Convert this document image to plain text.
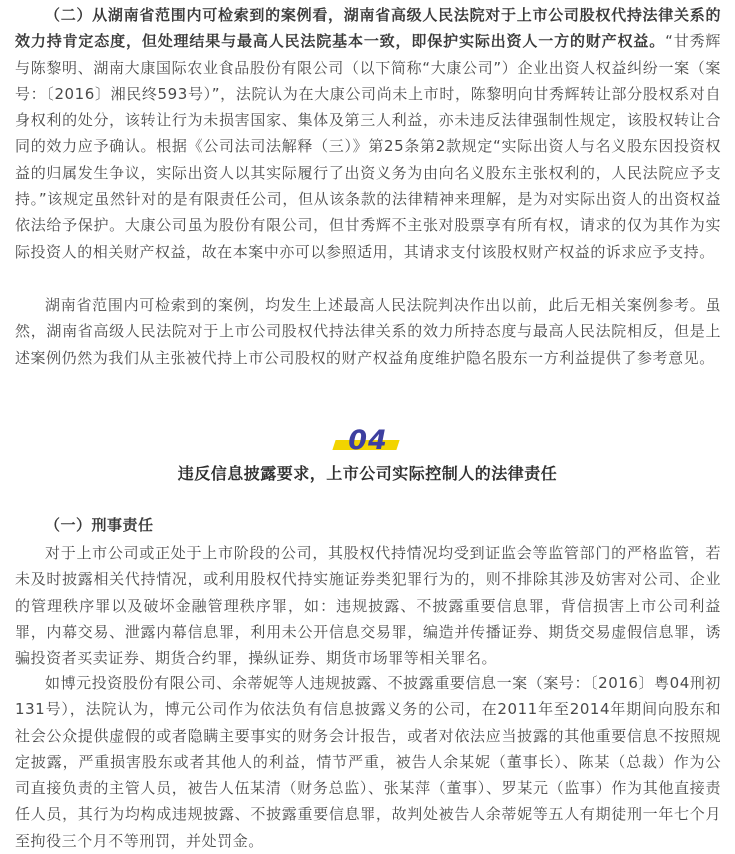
（二）从湖南省范围内可检索到的案例看，湖南省高级人民法院对于上市公司股权代持法律关系的效力持肯定态度，但处理结果与最高人民法院基本一致，即保护实际出资人一方的财产权益。“甘秀辉与陈黎明、湖南大康国际农业食品股份有限公司（以下简称“大康公司”）企业出资人权益纠纷一案（案号：〔2016〕湘民终593号）”，法院认为在大康公司尚未上市时，陈黎明向甘秀辉转让部分股权系对自身权利的处分，该转让行为未损害国家、集体及第三人利益，亦未违反法律强制性规定，该股权转让合同的效力应予确认。根据《公司法司法解释（三）》第25条第2款规定“实际出资人与名义股东因投资权益的归属发生争议，实际出资人以其实际履行了出资义务为由向名义股东主张权利的，人民法院应予支持。”该规定虽然针对的是有限责任公司，但从该条款的法律精神来理解，是为对实际出资人的出资权益依法给予保护。大康公司虽为股份有限公司，但甘秀辉不主张对股票享有所有权，请求的仅为其作为实际投资人的相关财产权益，故在本案中亦可以参照适用，其请求支付该股权财产权益的诉求应予支持。

湖南省范围内可检索到的案例，均发生上述最高人民法院判决作出以前，此后无相关案例参考。虽然，湖南省高级人民法院对于上市公司股权代持法律关系的效力所持态度与最高人民法院相反，但是上述案例仍然为我们从主张被代持上市公司股权的财产权益角度维护隐名股东一方利益提供了参考意见。

04
违反信息披露要求，上市公司实际控制人的法律责任
（一）刑事责任

对于上市公司或正处于上市阶段的公司，其股权代持情况均受到证监会等监管部门的严格监管，若未及时披露相关代持情况，或利用股权代持实施证券类犯罪行为的，则不排除其涉及妨害对公司、企业的管理秩序罪以及破坏金融管理秩序罪，如：违规披露、不披露重要信息罪，背信损害上市公司利益罪，内幕交易、泄露内幕信息罪，利用未公开信息交易罪，编造并传播证券、期货交易虚假信息罪，诱骗投资者买卖证券、期货合约罪，操纵证券、期货市场罪等相关罪名。

如博元投资股份有限公司、余蒂妮等人违规披露、不披露重要信息一案（案号：〔2016〕粤04刑初131号），法院认为，博元公司作为依法负有信息披露义务的公司，在2011年至2014年期间向股东和社会公众提供虚假的或者隐瞒主要事实的财务会计报告，或者对依法应当披露的其他重要信息不按照规定披露，严重损害股东或者其他人的利益，情节严重，被告人余某妮（董事长）、陈某（总裁）作为公司直接负责的主管人员，被告人伍某清（财务总监）、张某萍（董事）、罗某元（监事）作为其他直接责任人员，其行为均构成违规披露、不披露重要信息罪，故判处被告人余蒂妮等五人有期徒刑一年七个月至拘役三个月不等刑罚，并处罚金。
